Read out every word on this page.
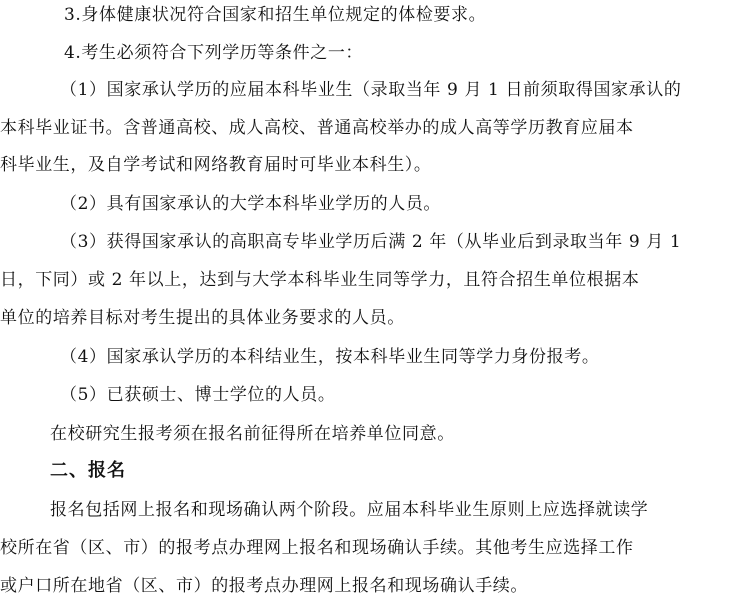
3.身体健康状况符合国家和招生单位规定的体检要求。
4.考生必须符合下列学历等条件之一：
（1）国家承认学历的应届本科毕业生（录取当年 9 月 1 日前须取得国家承认的
本科毕业证书。含普通高校、成人高校、普通高校举办的成人高等学历教育应届本
科毕业生，及自学考试和网络教育届时可毕业本科生）。
（2）具有国家承认的大学本科毕业学历的人员。
（3）获得国家承认的高职高专毕业学历后满 2 年（从毕业后到录取当年 9 月 1
日，下同）或 2 年以上，达到与大学本科毕业生同等学力，且符合招生单位根据本
单位的培养目标对考生提出的具体业务要求的人员。
（4）国家承认学历的本科结业生，按本科毕业生同等学力身份报考。
（5）已获硕士、博士学位的人员。
在校研究生报考须在报名前征得所在培养单位同意。
二、报名
报名包括网上报名和现场确认两个阶段。应届本科毕业生原则上应选择就读学
校所在省（区、市）的报考点办理网上报名和现场确认手续。其他考生应选择工作
或户口所在地省（区、市）的报考点办理网上报名和现场确认手续。
